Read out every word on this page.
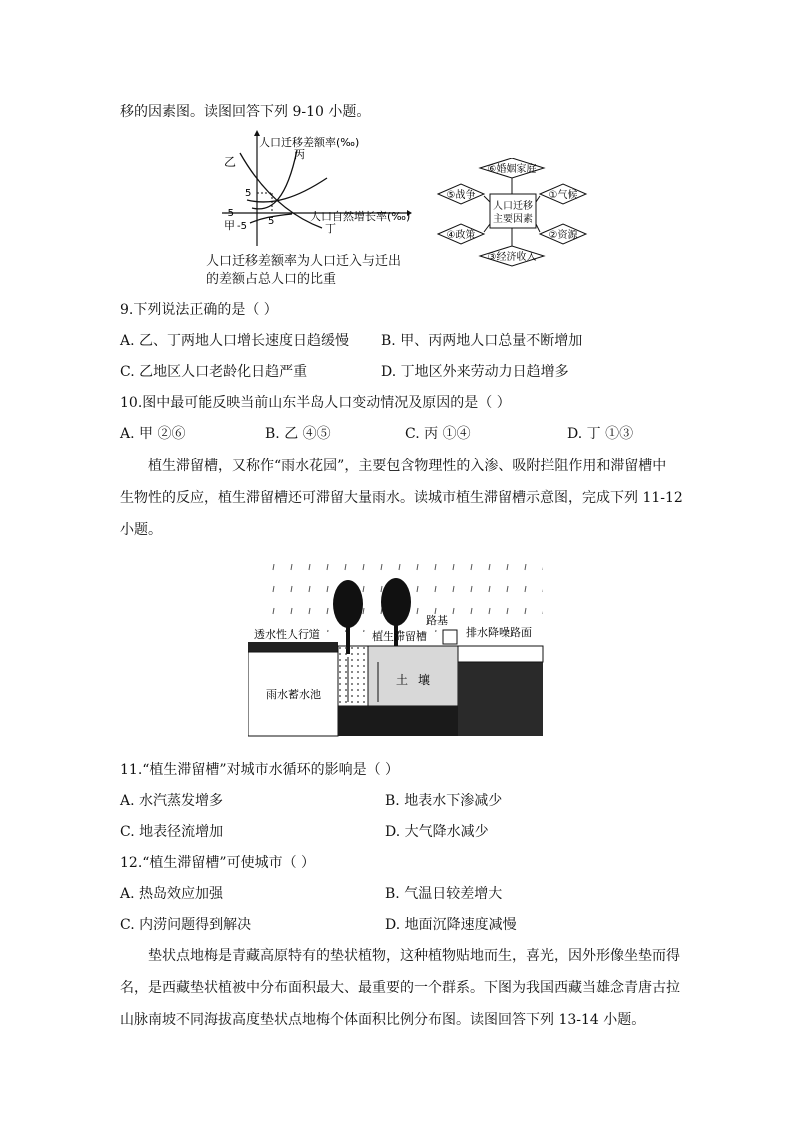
移的因素图。读图回答下列 9-10 小题。
人口迁移差额率(‰)
人口自然增长率(‰)
乙
丙
丁
甲
5
5
-5
-5
人口迁移差额率为人口迁入与迁出
的差额占总人口的比重
⑥婚姻家庭
⑤战争	①气候
④政策	②资源
③经济收入
人口迁移
主要因素
9.下列说法正确的是（ ）
A. 乙、丁两地人口增长速度日趋缓慢 B. 甲、丙两地人口总量不断增加
C. 乙地区人口老龄化日趋严重	D. 丁地区外来劳动力日趋增多
10.图中最可能反映当前山东半岛人口变动情况及原因的是（ ）
A. 甲 ②⑥	B. 乙 ④⑤	C. 丙 ①④	D. 丁 ①③
植生滞留槽，又称作“雨水花园”，主要包含物理性的入渗、吸附拦阻作用和滞留槽中
生物性的反应，植生滞留槽还可滞留大量雨水。读城市植生滞留槽示意图，完成下列 11-12
小题。
透水性人行道	植生滞留槽
路基
排水降噪路面
雨水蓄水池
土 壤
11.“植生滞留槽”对城市水循环的影响是（ ）
A. 水汽蒸发增多	B. 地表水下渗减少
C. 地表径流增加	D. 大气降水减少
12.“植生滞留槽”可使城市（ ）
A. 热岛效应加强	B. 气温日较差增大
C. 内涝问题得到解决	D. 地面沉降速度减慢
垫状点地梅是青藏高原特有的垫状植物，这种植物贴地而生，喜光，因外形像坐垫而得
名，是西藏垫状植被中分布面积最大、最重要的一个群系。下图为我国西藏当雄念青唐古拉
山脉南坡不同海拔高度垫状点地梅个体面积比例分布图。读图回答下列 13-14 小题。
